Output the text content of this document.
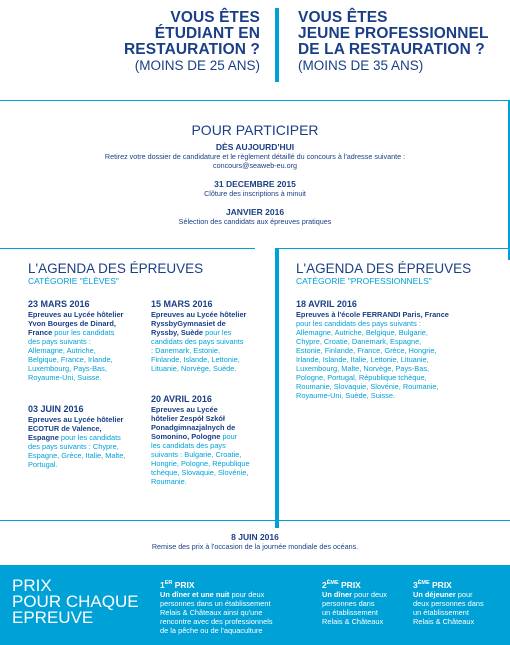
VOUS ÊTES
ÉTUDIANT EN
RESTAURATION ?
(MOINS DE 25 ANS)
VOUS ÊTES
JEUNE PROFESSIONNEL
DE LA RESTAURATION ?
(MOINS DE 35 ANS)
POUR PARTICIPER
DÈS AUJOURD'HUI
Retirez votre dossier de candidature et le règlement détaillé du concours à l'adresse suivante :
concours@seaweb-eu.org
31 DECEMBRE 2015
Clôture des inscriptions à minuit
JANVIER 2016
Sélection des candidats aux épreuves pratiques
L'AGENDA DES ÉPREUVES
CATÉGORIE "ÉLÈVES"
23 MARS 2016
Epreuves au Lycée hôtelier
Yvon Bourges de Dinard,
France pour les candidats
des pays suivants :
Allemagne, Autriche,
Belgique, France, Irlande,
Luxembourg, Pays-Bas,
Royaume-Uni, Suisse.
03 JUIN 2016
Epreuves au Lycée hôtelier
ECOTUR de Valence,
Espagne pour les candidats
des pays suivants : Chypre,
Espagne, Grèce, Italie, Malte,
Portugal.
15 MARS 2016
Epreuves au Lycée hôtelier
RyssbyGymnasiet de
Ryssby, Suède pour les
candidats des pays suivants
: Danemark, Estonie,
Finlande, Islande, Lettonie,
Lituanie, Norvège, Suède.
20 AVRIL 2016
Epreuves au Lycée
hôtelier Zespół Szkół
Ponadgimnazjalnych de
Somonino, Pologne pour
les candidats des pays
suivants : Bulgarie, Croatie,
Hongrie, Pologne, République
tchèque, Slovaquie, Slovénie,
Roumanie.
L'AGENDA DES ÉPREUVES
CATÉGORIE "PROFESSIONNELS"
18 AVRIL 2016
Epreuves à l'école FERRANDI Paris, France
pour les candidats des pays suivants :
Allemagne, Autriche, Belgique, Bulgarie,
Chypre, Croatie, Danemark, Espagne,
Estonie, Finlande, France, Grèce, Hongrie,
Irlande, Islande, Italie, Lettonie, Lituanie,
Luxembourg, Malte, Norvège, Pays-Bas,
Pologne, Portugal, République tchèque,
Roumanie, Slovaquie, Slovénie, Roumanie,
Royaume-Uni, Suède, Suisse.
8 JUIN 2016
Remise des prix à l'occasion de la journée mondiale des océans.
PRIX
POUR CHAQUE
EPREUVE
1ER PRIX
Un dîner et une nuit pour deux
personnes dans un établissement
Relais & Châteaux ainsi qu'une
rencontre avec des professionnels
de la pêche ou de l'aquaculture
2ÈME PRIX
Un dîner pour deux
personnes dans
un établissement
Relais & Châteaux
3ÈME PRIX
Un déjeuner pour
deux personnes dans
un établissement
Relais & Châteaux
